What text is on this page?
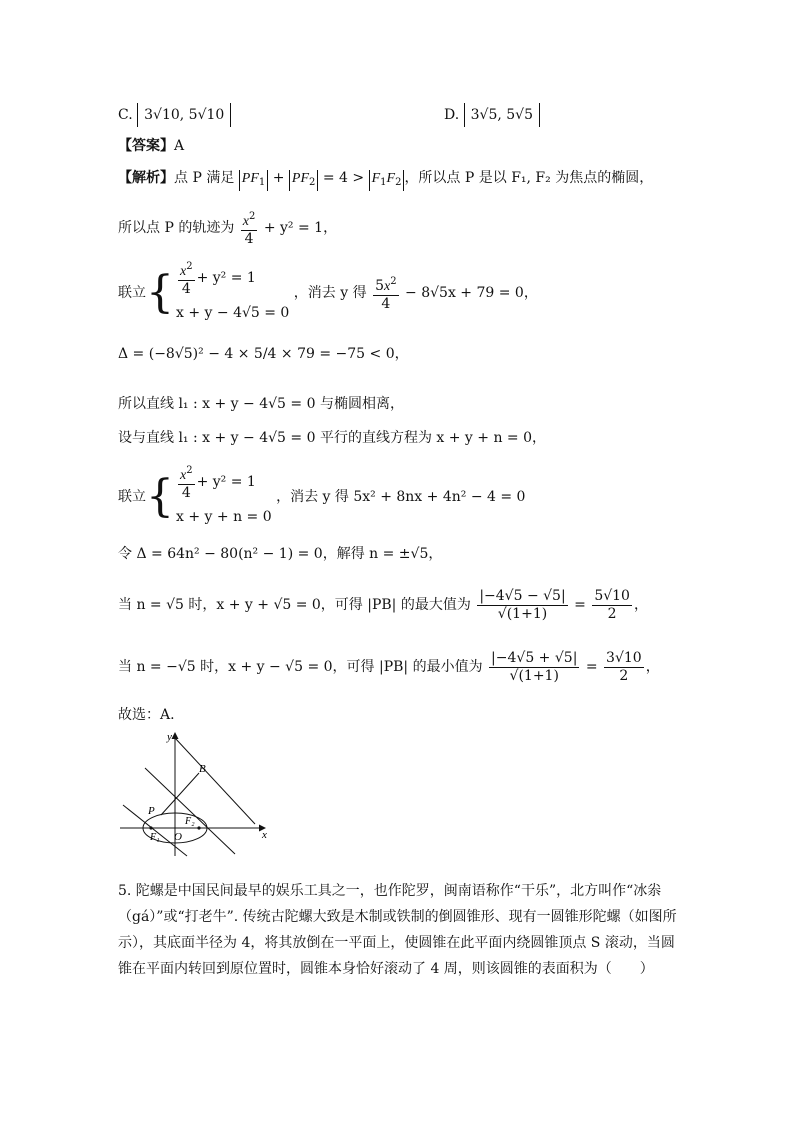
C. 3√10, 5√10	D. 3√5, 5√5
【答案】A
【解析】点 P 满足 $PF_1 + PF_2 = 4 > F_1F_2$ ，所以点 P 是以 F₁, F₂ 为焦点的椭圆，
所以点 P 的轨迹为 $\frac{x^2}{4} + y^2 = 1$，
联立{ $\frac{x^2}{4} + y^2 = 1$
x + y − 4√5 = 0
，消去 y 得 $\frac{5x^2}{4} - 8√5x + 79 = 0$，
Δ = (−8√5)² − 4 × 5/4 × 79 = −75 < 0，
所以直线 l₁ : x + y − 4√5 = 0 与椭圆相离，
设与直线 l₁ : x + y − 4√5 = 0 平行的直线方程为 x + y + n = 0，
联立{ $\frac{x^2}{4} + y^2 = 1$
x + y + n = 0
，消去 y 得 5x² + 8nx + 4n² − 4 = 0
令 Δ = 64n² − 80(n² − 1) = 0，解得 n = ±√5，
当 n = √5 时，x + y + √5 = 0，可得 |PB| 的最大值为 $\frac{|-4√5 - √5|}{√(1+1)} = \frac{5√10}{2}$ ，
当 n = −√5 时，x + y − √5 = 0，可得 |PB| 的最小值为 $\frac{|-4√5 + √5|}{√(1+1)} = \frac{3√10}{2}$ ，
故选：A.
y
x
B
P
F₁
F₂
O
5. 陀螺是中国民间最早的娱乐工具之一，也作陀罗，闽南语称作“干乐”，北方叫作“冰尜（gá）”或“打老牛”. 传统古陀螺大致是木制或铁制的倒圆锥形、现有一圆锥形陀螺（如图所示），其底面半径为 4，将其放倒在一平面上，使圆锥在此平面内绕圆锥顶点 S 滚动，当圆锥在平面内转回到原位置时，圆锥本身恰好滚动了 4 周，则该圆锥的表面积为（　　）
